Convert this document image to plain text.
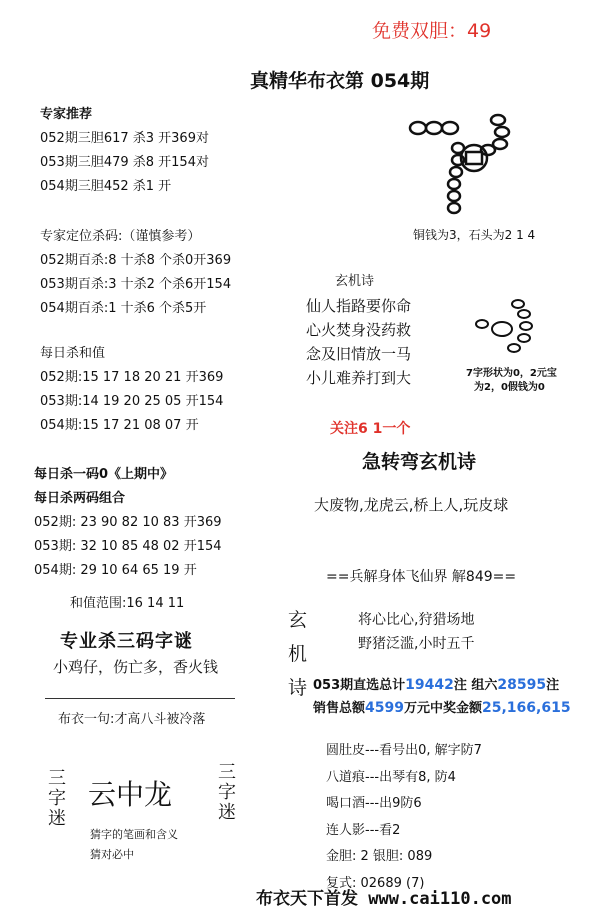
免费双胆：49
真精华布衣第 054期
专家推荐
052期三胆617 杀3 开369对
053期三胆479 杀8 开154对
054期三胆452 杀1 开
专家定位杀码:（谨慎参考）
052期百杀:8 十杀8 个杀0开369
053期百杀:3 十杀2 个杀6开154
054期百杀:1 十杀6 个杀5开
每日杀和值
052期:15 17 18 20 21 开369
053期:14 19 20 25 05 开154
054期:15 17 21 08 07 开
每日杀一码0《上期中》
每日杀两码组合
052期: 23 90 82 10 83 开369
053期: 32 10 85 48 02 开154
054期: 29 10 64 65 19 开
和值范围:16 14 11
专业杀三码字谜
小鸡仔，伤亡多，香火钱
布衣一句:才高八斗被冷落
三字迷 云中龙 三字迷
猜字的笔画和含义
猜对必中
铜钱为3，石头为2 1 4
玄机诗
仙人指路要你命
心火焚身没药救
念及旧情放一马
小儿难养打到大	7字形状为0，2元宝
为2，0假钱为0
关注6 1一个
急转弯玄机诗
大废物,龙虎云,桥上人,玩皮球
==兵解身体飞仙界 解849==
玄
机
诗
将心比心,狩猎场地
野猪泛滥,小时五千
053期直选总计19442注 组六28595注
销售总额4599万元中奖金额25,166,615
圆肚皮---看号出0, 解字防7
八道痕---出琴有8, 防4
喝口酒---出9防6
连人影---看2
金胆: 2 银胆: 089
复式: 02689 (7)
布衣天下首发 www.cai110.com
